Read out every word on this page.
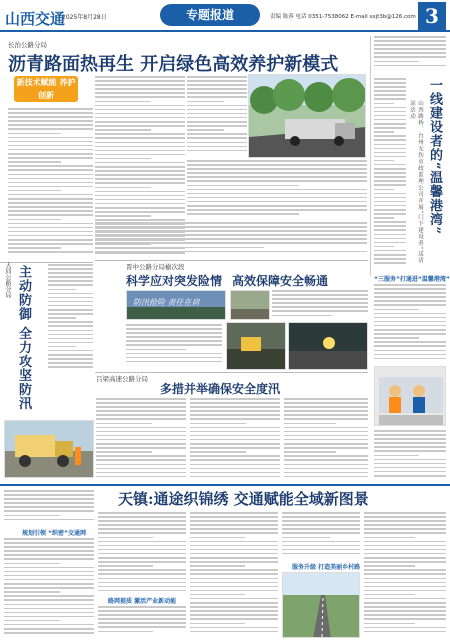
山西交通
2025年8月28日	专题报道	责编 陈蓉 电话 0351-7538062 E-mail sxjt3b@126.com 3
长治公路分局
沥青路面热再生 开启绿色高效养护新模式
新技术赋能 养护创新	一线建设者的“温馨港湾”
山西路桥、台州无伤市政监理公司开展“门下建设者”送清凉活动
“三服务”打通进“温馨港湾”
大同公路分局 主动防御 全力攻坚防汛	晋中公路分局榆次段
科学应对突发险情 高效保障安全畅通
防汛抢险 责任在肩
吕梁高速公路分局
多措并举确保安全度汛
天镇:通途织锦绣 交通赋能全域新图景
规划引领 “织密”交通网
路网提质 激活产业新动能
服务升级 打造美丽乡村路
